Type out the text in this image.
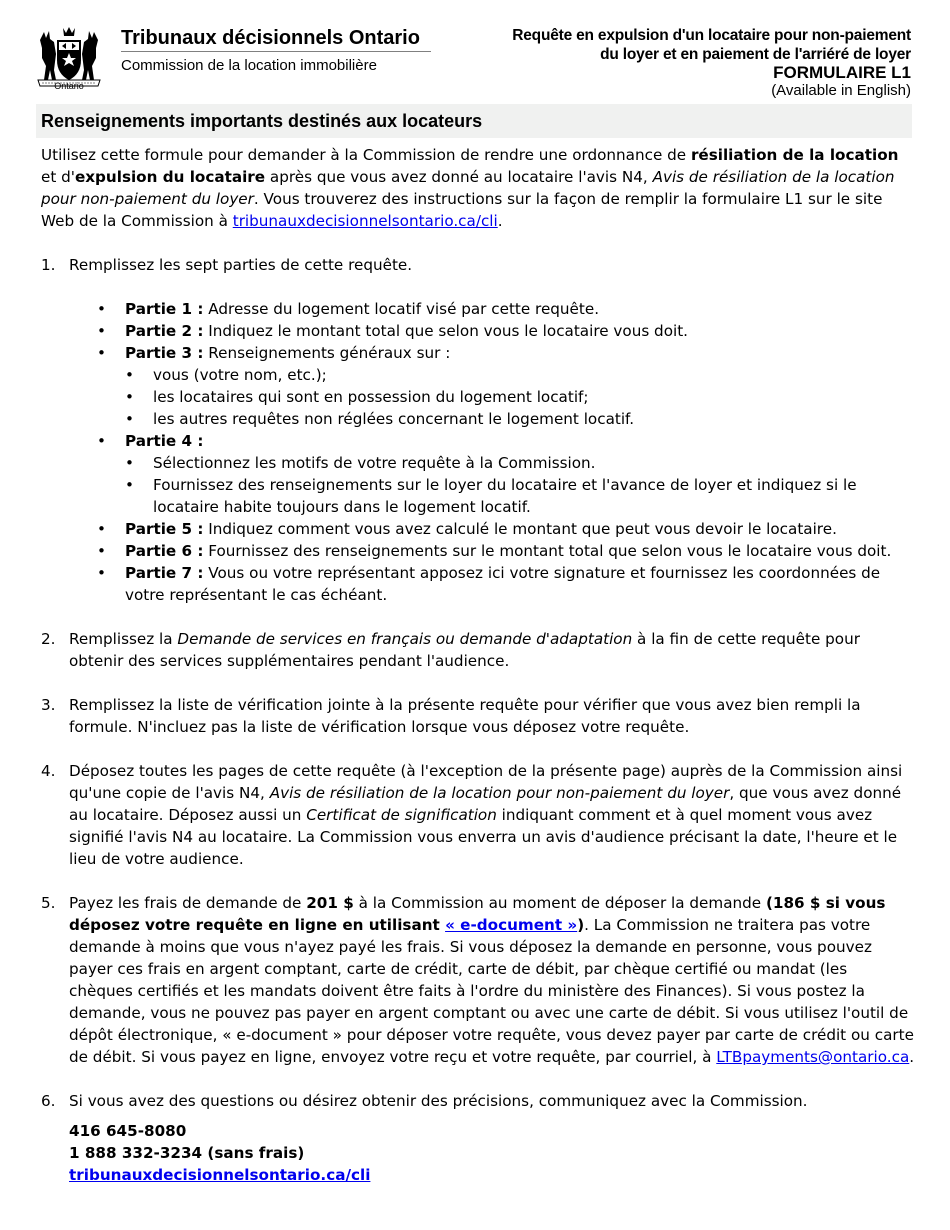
Ontario
Tribunaux décisionnels Ontario
Commission de la location immobilière
Requête en expulsion d'un locataire pour non-paiement
du loyer et en paiement de l'arriéré de loyer
FORMULAIRE L1
(Available in English)
Renseignements importants destinés aux locateurs

Utilisez cette formule pour demander à la Commission de rendre une ordonnance de résiliation de la location et d'expulsion du locataire après que vous avez donné au locataire l'avis N4, Avis de résiliation de la location pour non-paiement du loyer. Vous trouverez des instructions sur la façon de remplir la formulaire L1 sur le site Web de la Commission à tribunauxdecisionnelsontario.ca/cli.

1. Remplissez les sept parties de cette requête.
• Partie 1 : Adresse du logement locatif visé par cette requête.
• Partie 2 : Indiquez le montant total que selon vous le locataire vous doit.
• Partie 3 : Renseignements généraux sur :
• vous (votre nom, etc.);
• les locataires qui sont en possession du logement locatif;
• les autres requêtes non réglées concernant le logement locatif.
• Partie 4 :
• Sélectionnez les motifs de votre requête à la Commission.
• Fournissez des renseignements sur le loyer du locataire et l'avance de loyer et indiquez si le locataire habite toujours dans le logement locatif.
• Partie 5 : Indiquez comment vous avez calculé le montant que peut vous devoir le locataire.
• Partie 6 : Fournissez des renseignements sur le montant total que selon vous le locataire vous doit.
• Partie 7 : Vous ou votre représentant apposez ici votre signature et fournissez les coordonnées de votre représentant le cas échéant.
2. Remplissez la Demande de services en français ou demande d'adaptation à la fin de cette requête pour obtenir des services supplémentaires pendant l'audience.
3. Remplissez la liste de vérification jointe à la présente requête pour vérifier que vous avez bien rempli la formule. N'incluez pas la liste de vérification lorsque vous déposez votre requête.
4. Déposez toutes les pages de cette requête (à l'exception de la présente page) auprès de la Commission ainsi qu'une copie de l'avis N4, Avis de résiliation de la location pour non-paiement du loyer, que vous avez donné au locataire. Déposez aussi un Certificat de signification indiquant comment et à quel moment vous avez signifié l'avis N4 au locataire. La Commission vous enverra un avis d'audience précisant la date, l'heure et le lieu de votre audience.
5. Payez les frais de demande de 201 $ à la Commission au moment de déposer la demande (186 $ si vous déposez votre requête en ligne en utilisant « e-document »). La Commission ne traitera pas votre demande à moins que vous n'ayez payé les frais. Si vous déposez la demande en personne, vous pouvez payer ces frais en argent comptant, carte de crédit, carte de débit, par chèque certifié ou mandat (les chèques certifiés et les mandats doivent être faits à l'ordre du ministère des Finances). Si vous postez la demande, vous ne pouvez pas payer en argent comptant ou avec une carte de débit. Si vous utilisez l'outil de dépôt électronique, « e-document » pour déposer votre requête, vous devez payer par carte de crédit ou carte de débit. Si vous payez en ligne, envoyez votre reçu et votre requête, par courriel, à LTBpayments@ontario.ca.
6. Si vous avez des questions ou désirez obtenir des précisions, communiquez avec la Commission.
416 645-8080
1 888 332-3234 (sans frais)
tribunauxdecisionnelsontario.ca/cli
